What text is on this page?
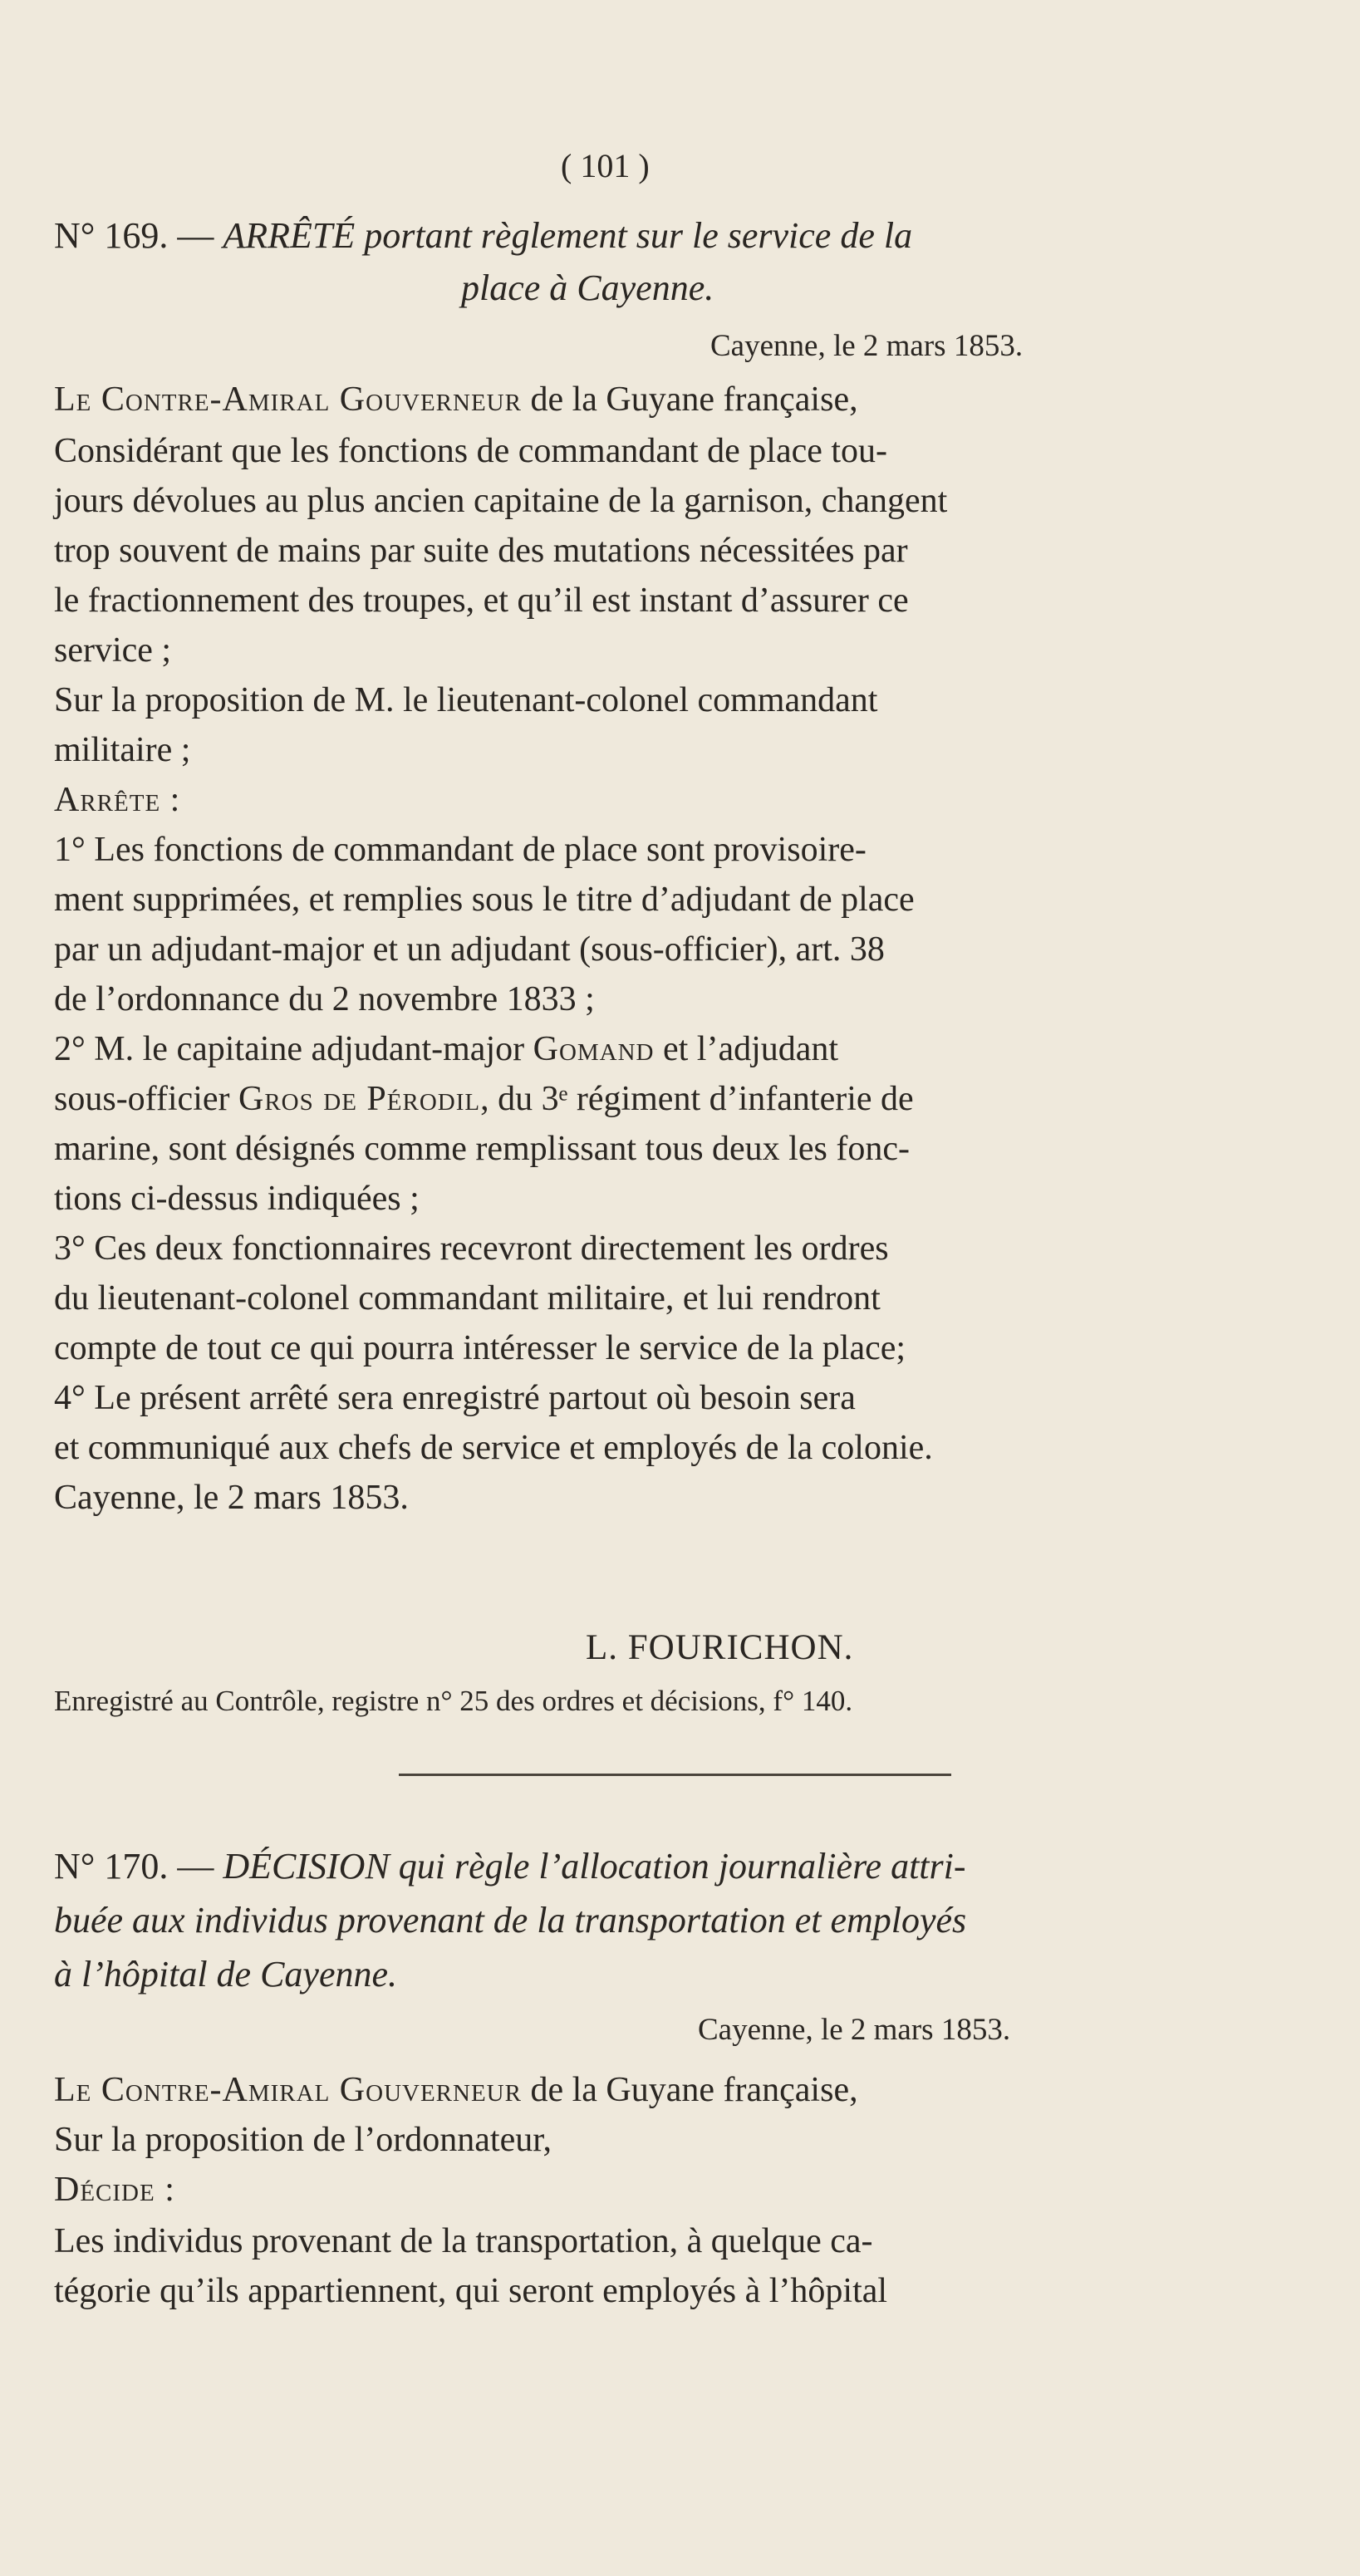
( 101 )
N° 169. — ARRÊTÉ portant règlement sur le service de la
place à Cayenne.
Cayenne, le 2 mars 1853.
Le Contre-Amiral Gouverneur de la Guyane française,
Considérant que les fonctions de commandant de place tou-
jours dévolues au plus ancien capitaine de la garnison, changent
trop souvent de mains par suite des mutations nécessitées par
le fractionnement des troupes, et qu’il est instant d’assurer ce
service ;
Sur la proposition de M. le lieutenant-colonel commandant
militaire ;
Arrête :
1° Les fonctions de commandant de place sont provisoire-
ment supprimées, et remplies sous le titre d’adjudant de place
par un adjudant-major et un adjudant (sous-officier), art. 38
de l’ordonnance du 2 novembre 1833 ;
2° M. le capitaine adjudant-major Gomand et l’adjudant
sous-officier Gros de Pérodil, du 3ᵉ régiment d’infanterie de
marine, sont désignés comme remplissant tous deux les fonc-
tions ci-dessus indiquées ;
3° Ces deux fonctionnaires recevront directement les ordres
du lieutenant-colonel commandant militaire, et lui rendront
compte de tout ce qui pourra intéresser le service de la place;
4° Le présent arrêté sera enregistré partout où besoin sera
et communiqué aux chefs de service et employés de la colonie.
Cayenne, le 2 mars 1853.
L. FOURICHON.
Enregistré au Contrôle, registre n° 25 des ordres et décisions, f° 140.
N° 170. — DÉCISION qui règle l’allocation journalière attri-
buée aux individus provenant de la transportation et employés
à l’hôpital de Cayenne.
Cayenne, le 2 mars 1853.
Le Contre-Amiral Gouverneur de la Guyane française,
Sur la proposition de l’ordonnateur,
Décide :
Les individus provenant de la transportation, à quelque ca-
tégorie qu’ils appartiennent, qui seront employés à l’hôpital
